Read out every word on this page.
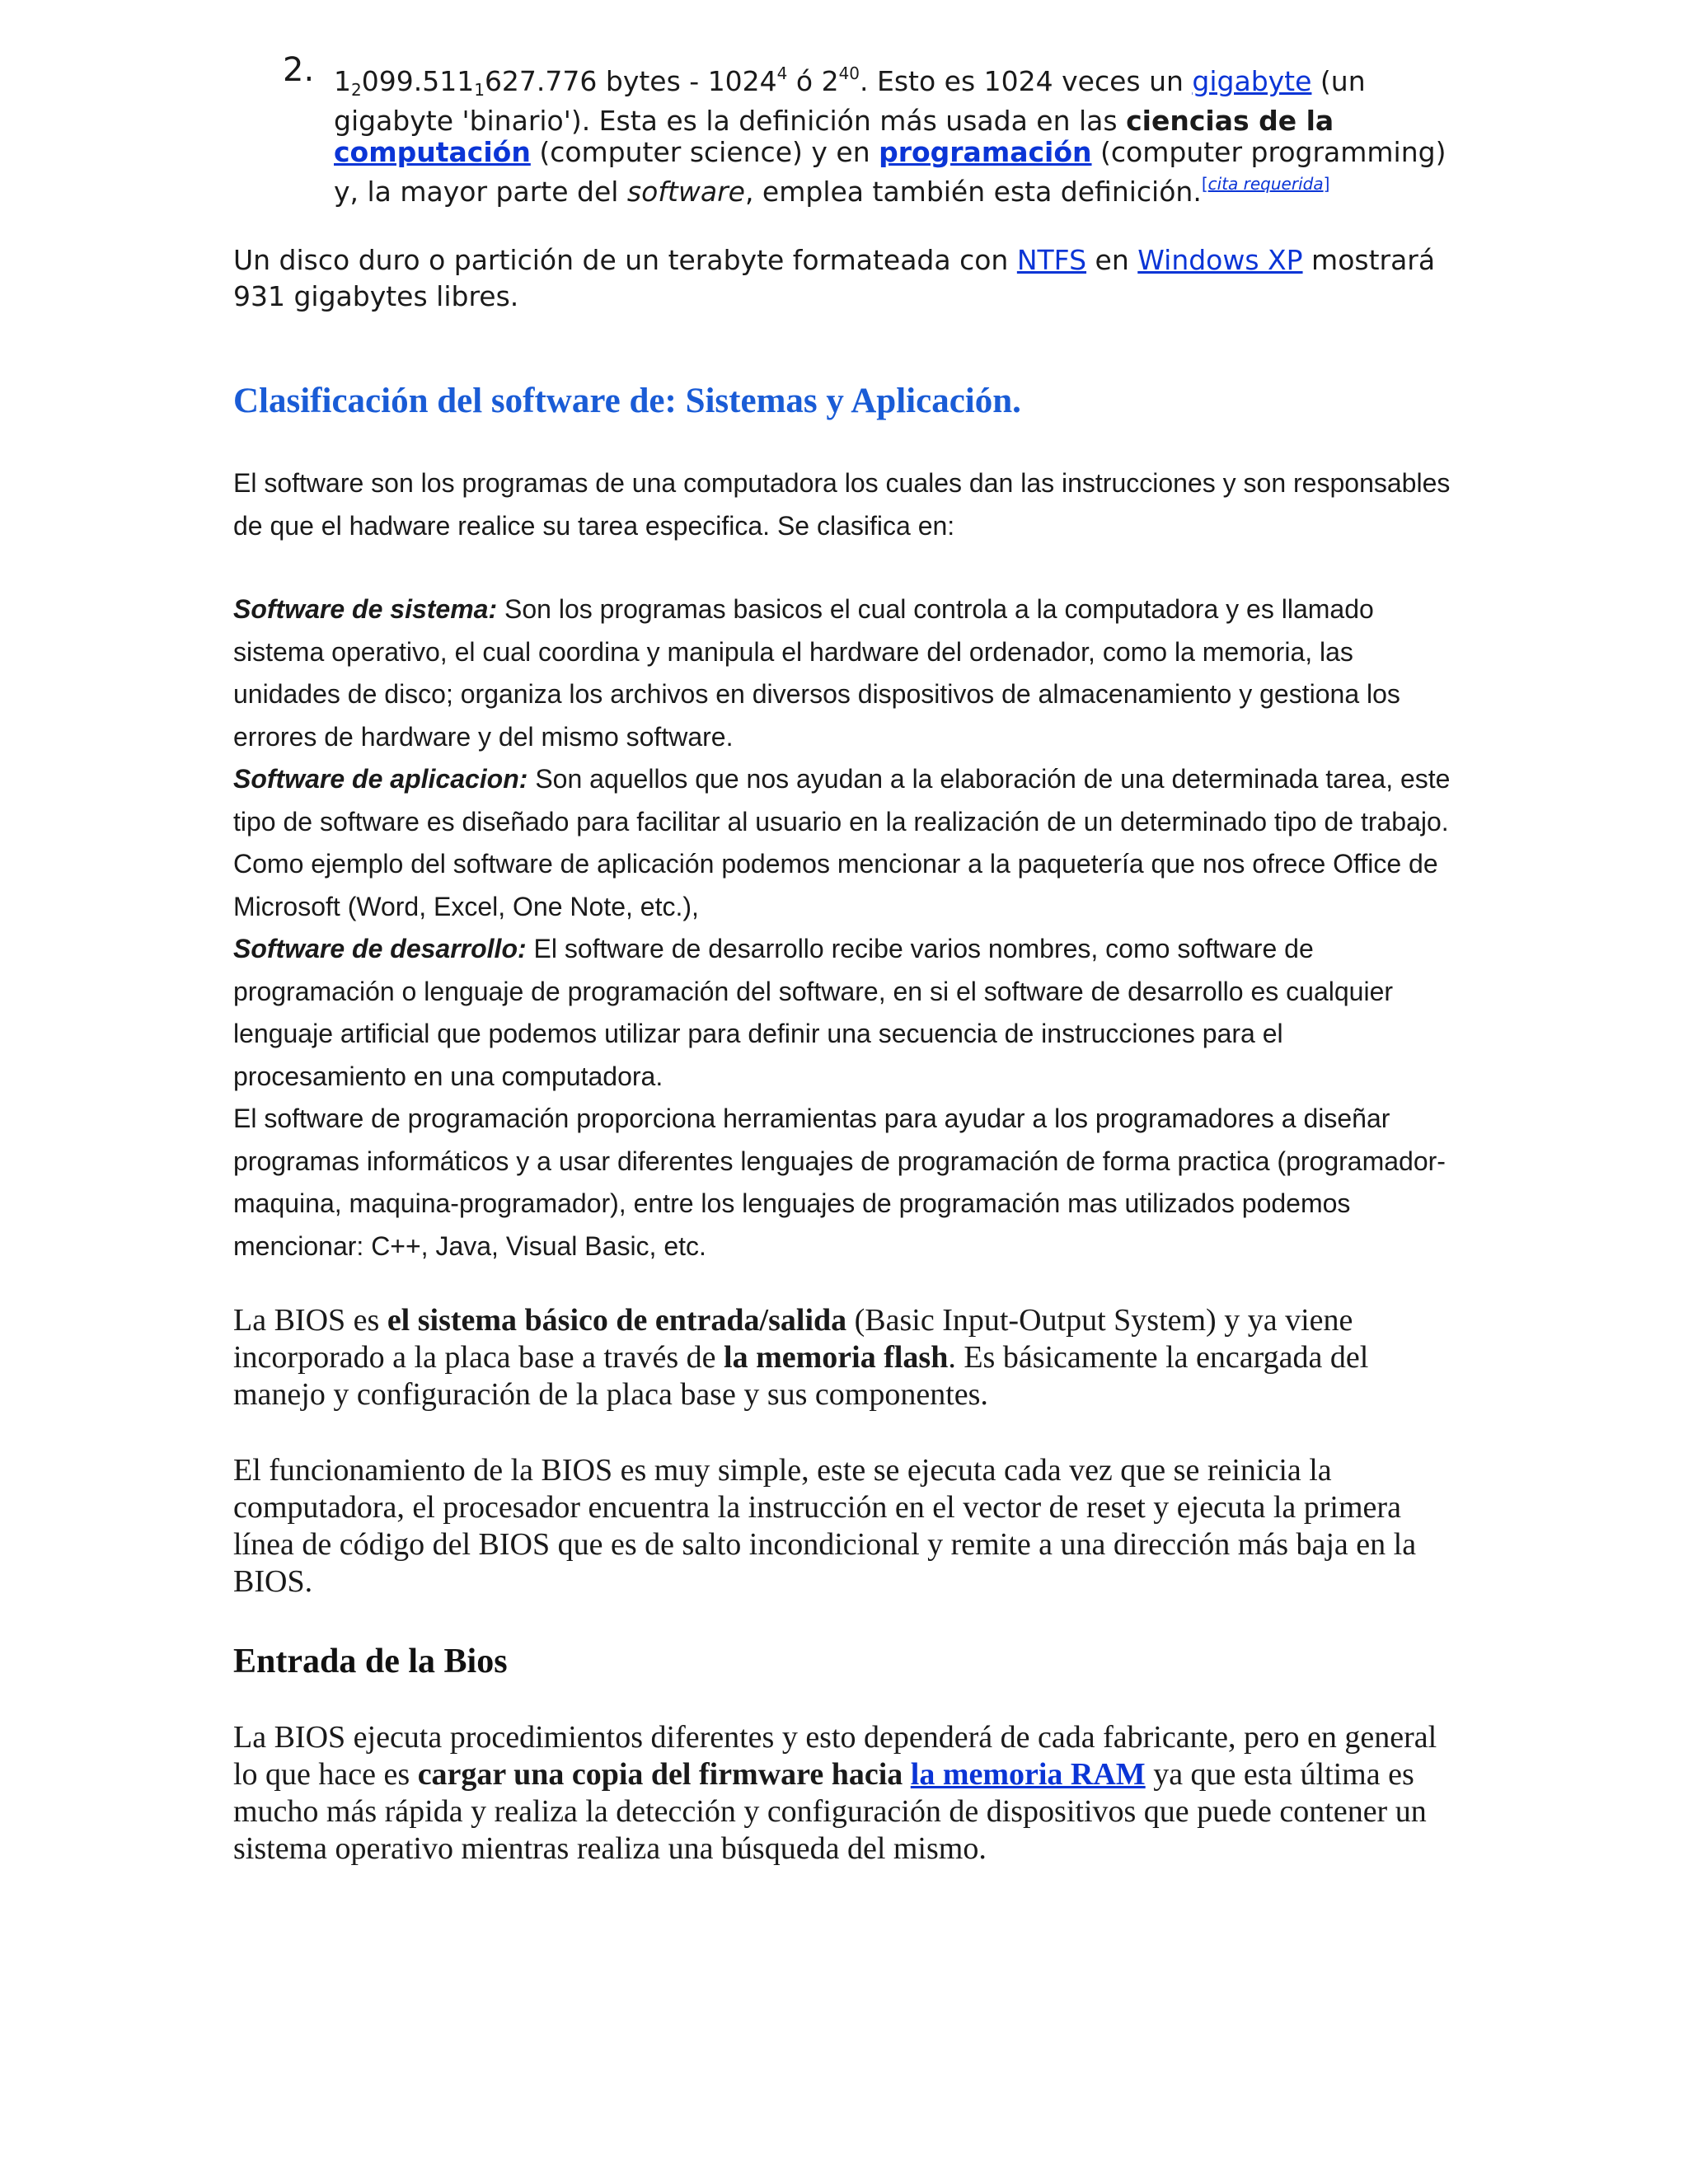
2. $1_2099.511_1627.776$ bytes - 1024$^4$ ó $2^{40}$. Esto es 1024 veces un gigabyte (un gigabyte 'binario'). Esta es la definición más usada en las ciencias de la computación (computer science) y en programación (computer programming) y, la mayor parte del software, emplea también esta definición.[cita requerida]

Un disco duro o partición de un terabyte formateada con NTFS en Windows XP mostrará 931 gigabytes libres.

Clasificación del software de: Sistemas y Aplicación.

El software son los programas de una computadora los cuales dan las instrucciones y son responsables de que el hadware realice su tarea especifica. Se clasifica en:

Software de sistema: Son los programas basicos el cual controla a la computadora y es llamado sistema operativo, el cual coordina y manipula el hardware del ordenador, como la memoria, las unidades de disco; organiza los archivos en diversos dispositivos de almacenamiento y gestiona los errores de hardware y del mismo software.

Software de aplicacion: Son aquellos que nos ayudan a la elaboración de una determinada tarea, este tipo de software es diseñado para facilitar al usuario en la realización de un determinado tipo de trabajo. Como ejemplo del software de aplicación podemos mencionar a la paquetería que nos ofrece Office de Microsoft (Word, Excel, One Note, etc.),

Software de desarrollo: El software de desarrollo recibe varios nombres, como software de programación o lenguaje de programación del software, en si el software de desarrollo es cualquier lenguaje artificial que podemos utilizar para definir una secuencia de instrucciones para el procesamiento en una computadora.

El software de programación proporciona herramientas para ayudar a los programadores a diseñar programas informáticos y a usar diferentes lenguajes de programación de forma practica (programador-maquina, maquina-programador), entre los lenguajes de programación mas utilizados podemos mencionar: C++, Java, Visual Basic, etc.

La BIOS es el sistema básico de entrada/salida (Basic Input-Output System) y ya viene incorporado a la placa base a través de la memoria flash. Es básicamente la encargada del manejo y configuración de la placa base y sus componentes.

El funcionamiento de la BIOS es muy simple, este se ejecuta cada vez que se reinicia la computadora, el procesador encuentra la instrucción en el vector de reset y ejecuta la primera línea de código del BIOS que es de salto incondicional y remite a una dirección más baja en la BIOS.

Entrada de la Bios

La BIOS ejecuta procedimientos diferentes y esto dependerá de cada fabricante, pero en general lo que hace es cargar una copia del firmware hacia la memoria RAM ya que esta última es mucho más rápida y realiza la detección y configuración de dispositivos que puede contener un sistema operativo mientras realiza una búsqueda del mismo.
